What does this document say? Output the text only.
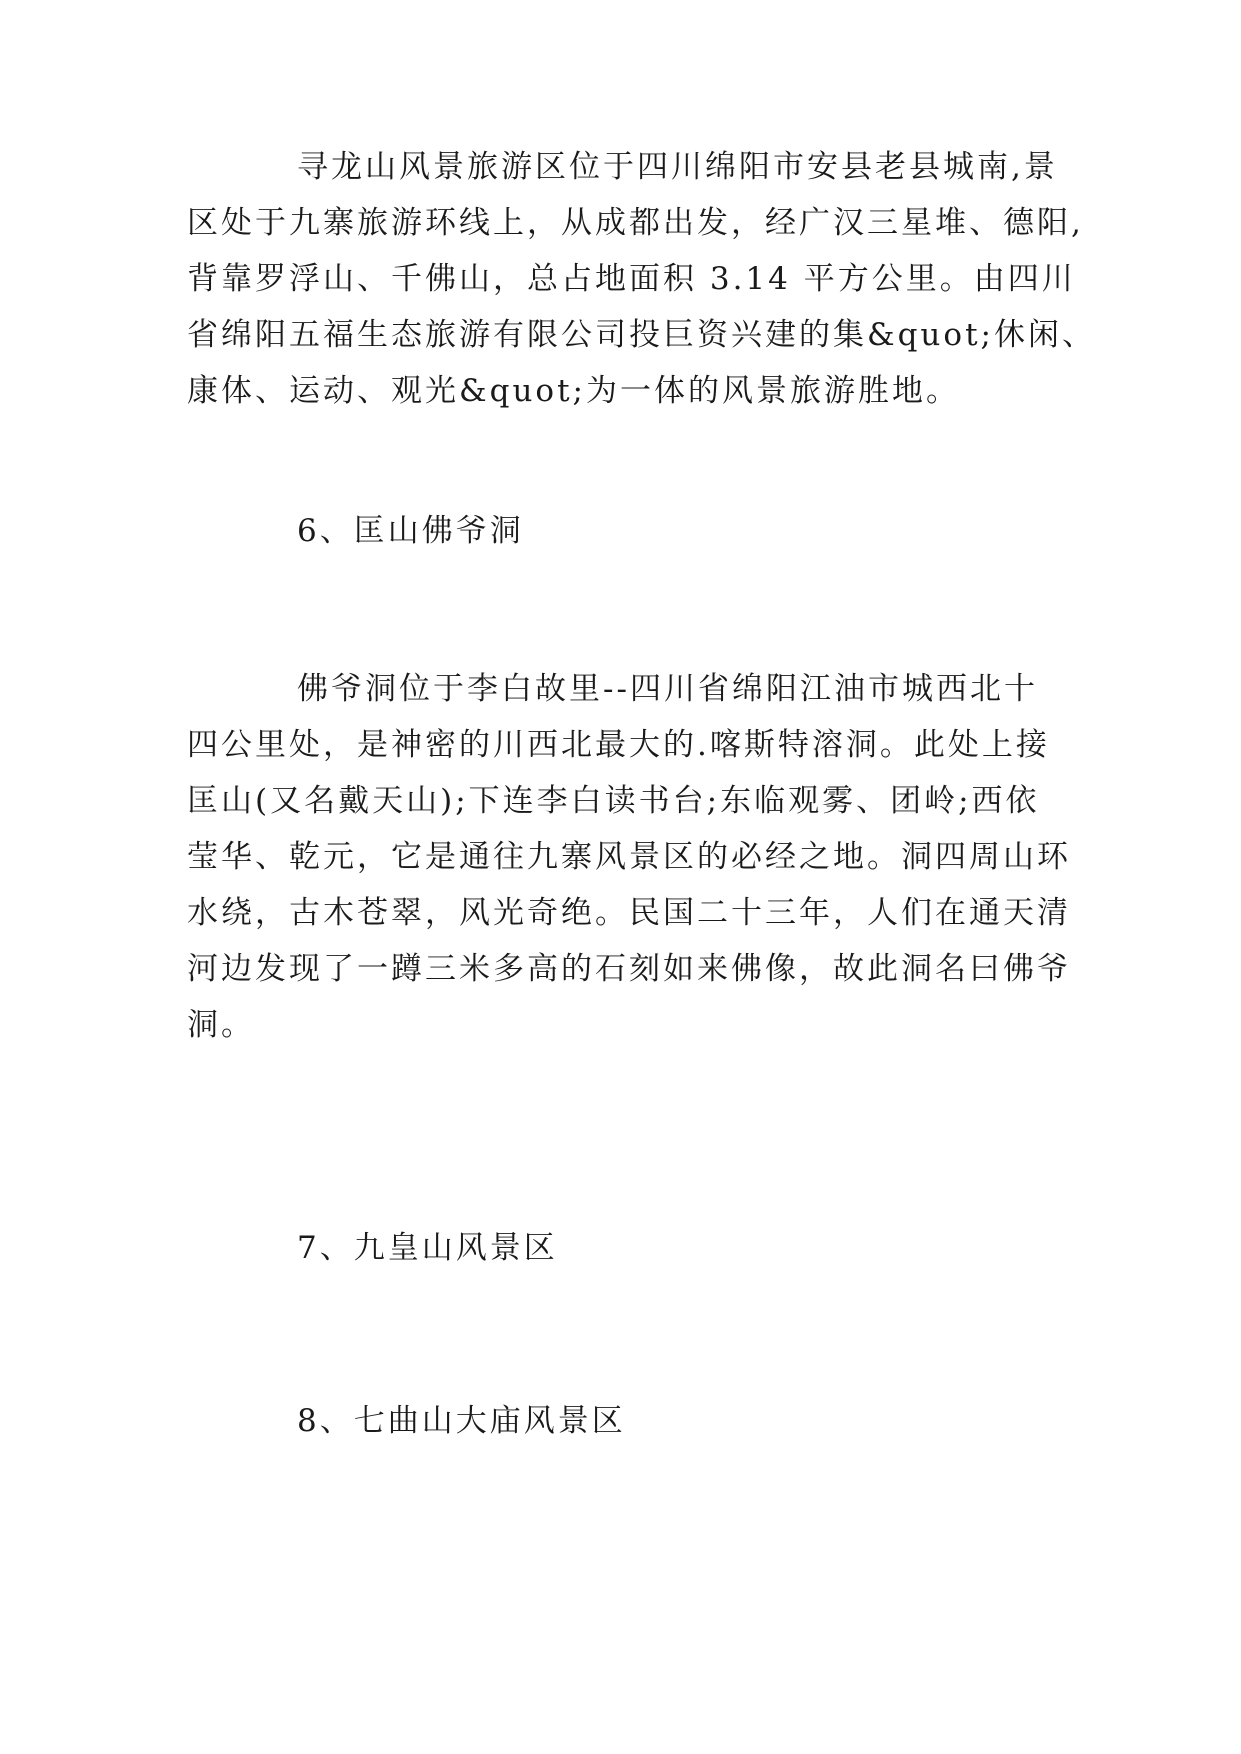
寻龙山风景旅游区位于四川绵阳市安县老县城南,景
区处于九寨旅游环线上，从成都出发，经广汉三星堆、德阳,
背靠罗浮山、千佛山，总占地面积 3.14 平方公里。由四川
省绵阳五福生态旅游有限公司投巨资兴建的集&quot;休闲、
康体、运动、观光&quot;为一体的风景旅游胜地。
6、匡山佛爷洞
佛爷洞位于李白故里--四川省绵阳江油市城西北十
四公里处，是神密的川西北最大的.喀斯特溶洞。此处上接
匡山(又名戴天山);下连李白读书台;东临观雾、团岭;西依
莹华、乾元，它是通往九寨风景区的必经之地。洞四周山环
水绕，古木苍翠，风光奇绝。民国二十三年，人们在通天清
河边发现了一蹲三米多高的石刻如来佛像，故此洞名曰佛爷
洞。
7、九皇山风景区
8、七曲山大庙风景区
